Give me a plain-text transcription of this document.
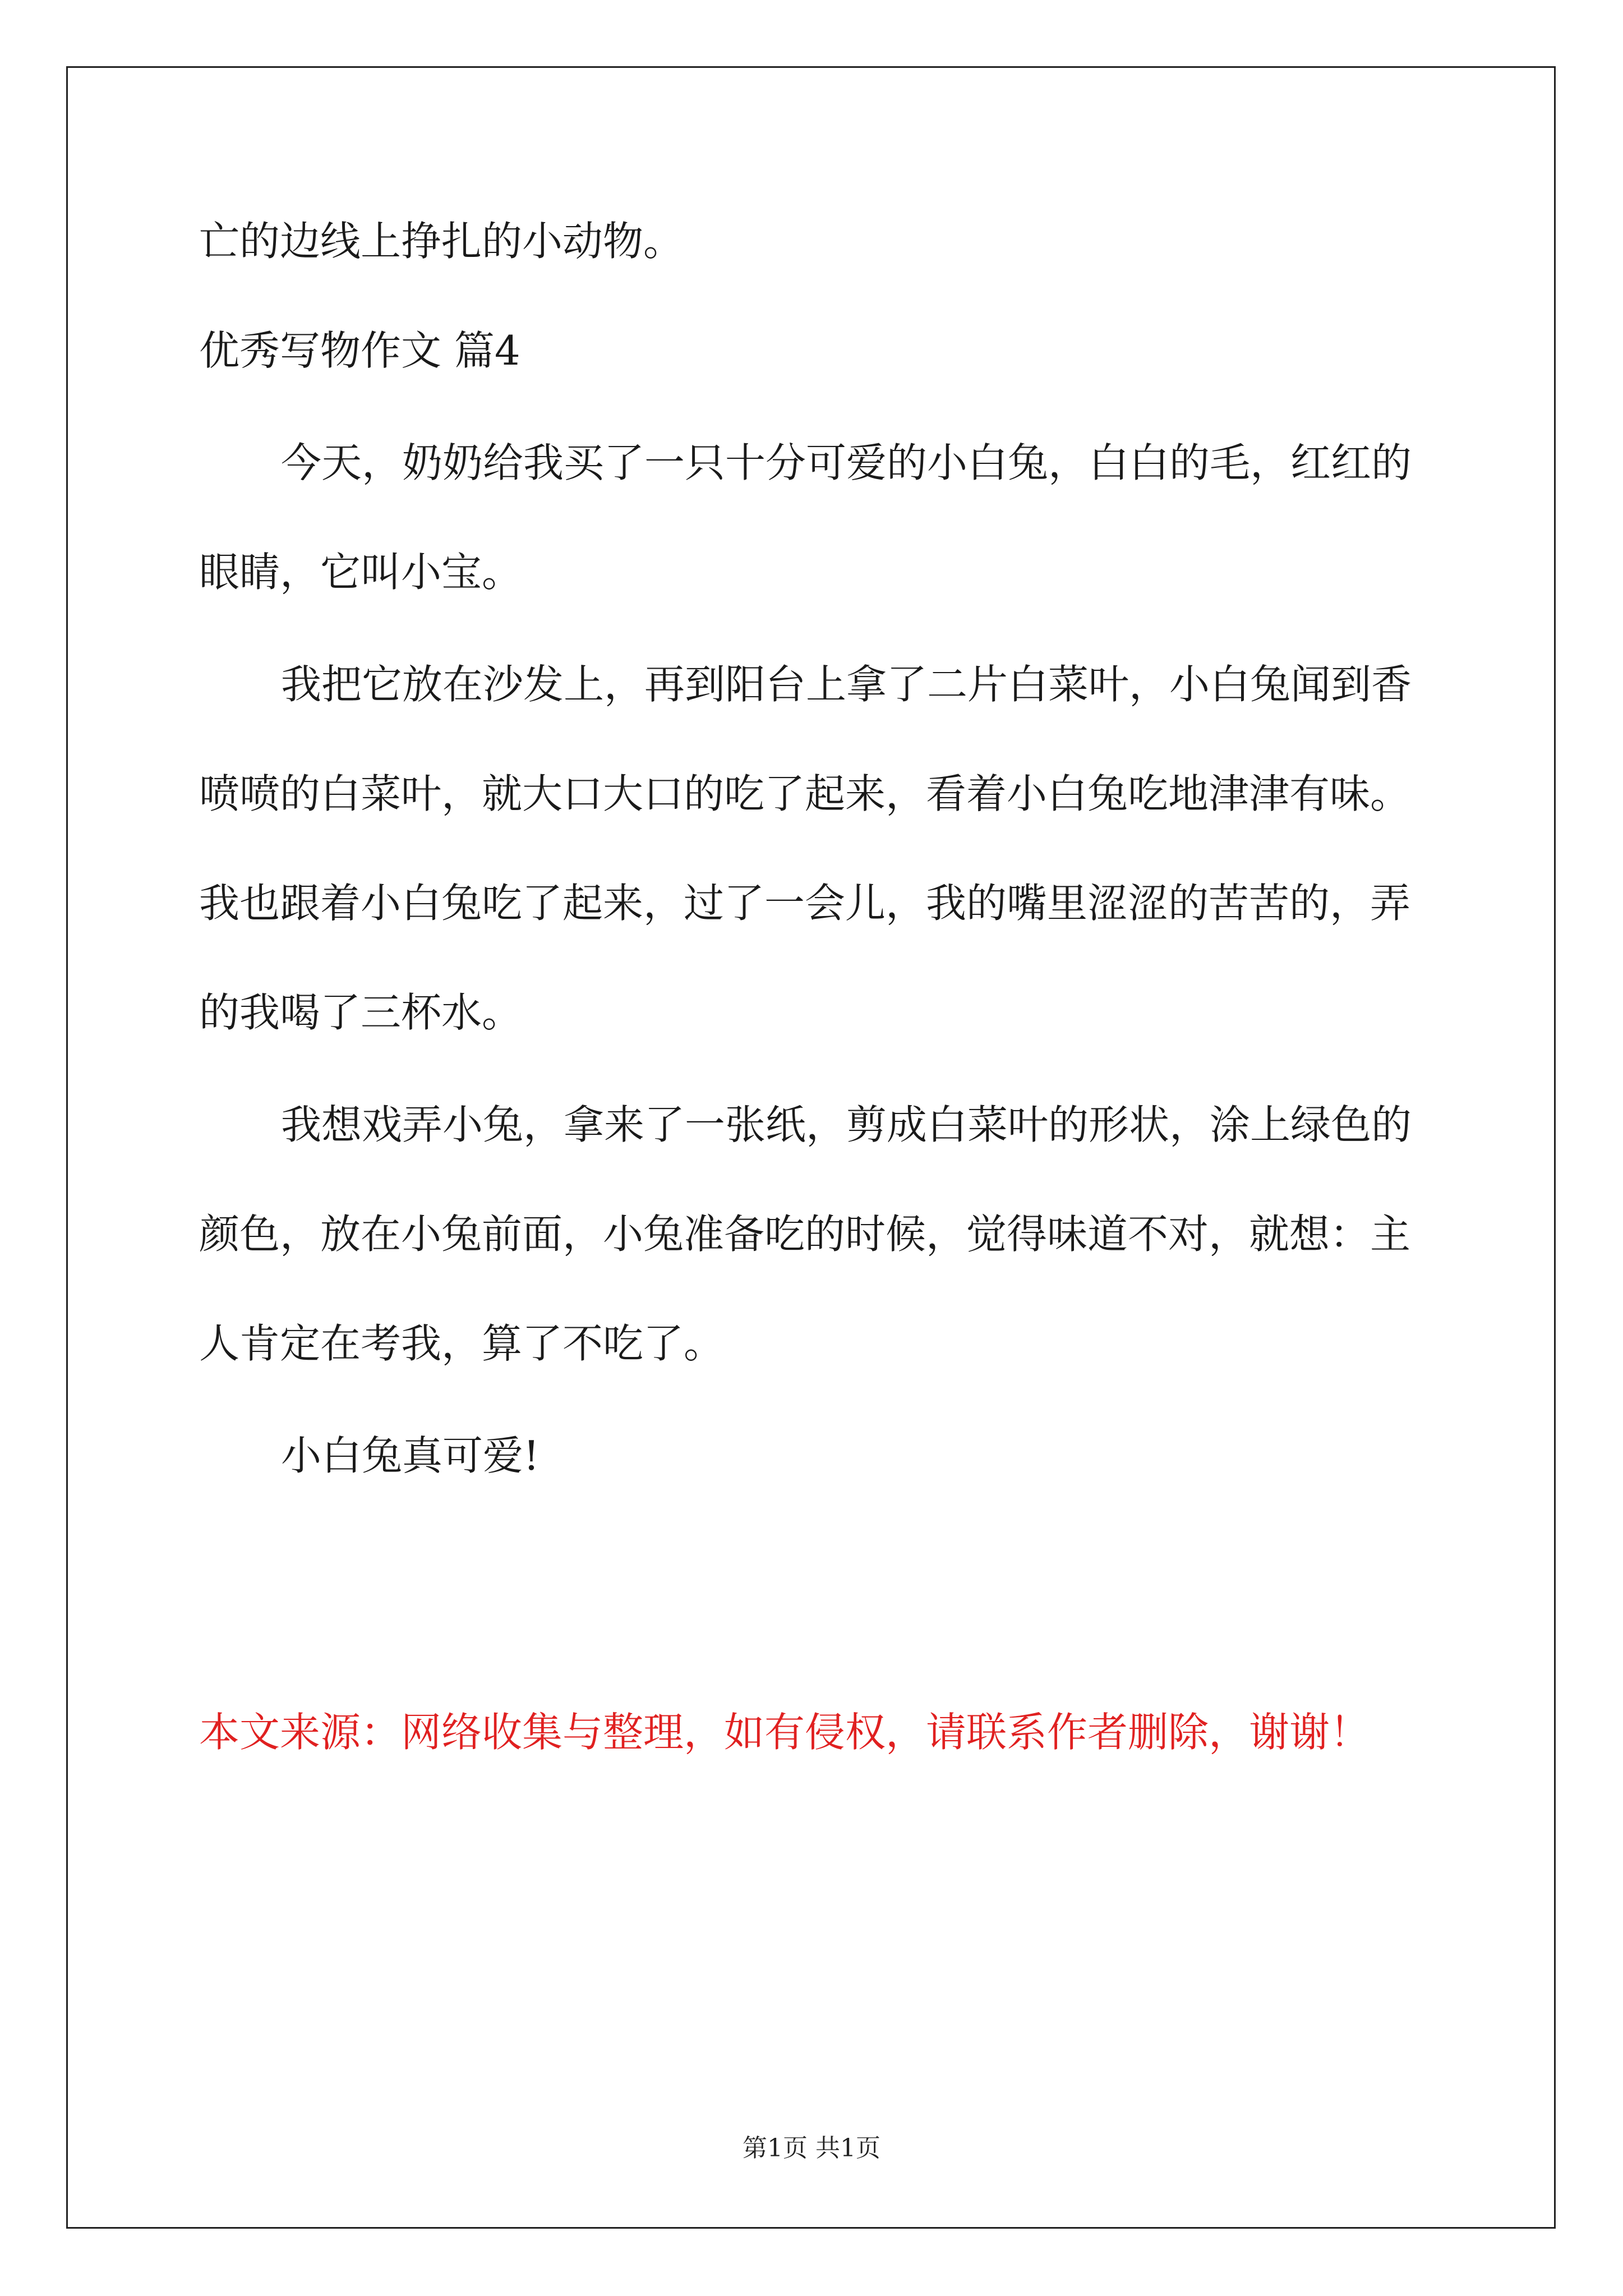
亡的边线上挣扎的小动物。

优秀写物作文 篇4

今天，奶奶给我买了一只十分可爱的小白兔，白白的毛，红红的

眼睛，它叫小宝。

我把它放在沙发上，再到阳台上拿了二片白菜叶，小白兔闻到香

喷喷的白菜叶，就大口大口的吃了起来，看着小白兔吃地津津有味。

我也跟着小白兔吃了起来，过了一会儿，我的嘴里涩涩的苦苦的，弄

的我喝了三杯水。

我想戏弄小兔，拿来了一张纸，剪成白菜叶的形状，涂上绿色的

颜色，放在小兔前面，小兔准备吃的时候，觉得味道不对，就想：主

人肯定在考我，算了不吃了。

小白兔真可爱!

本文来源：网络收集与整理，如有侵权，请联系作者删除，谢谢！

第1页 共1页
